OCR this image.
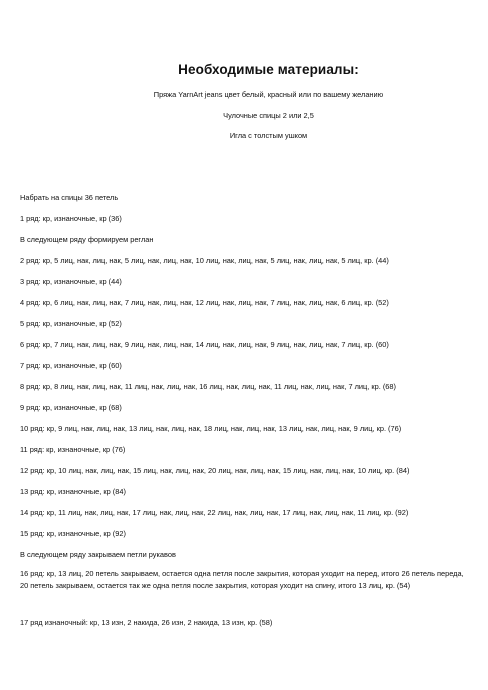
Необходимые материалы:
Пряжа YarnArt jeans цвет белый, красный или по вашему желанию
Чулочные спицы 2 или 2,5
Игла с толстым ушком
Набрать на спицы 36 петель
1 ряд: кр, изнаночные, кр (36)
В следующем ряду формируем реглан
2 ряд: кр, 5 лиц, нак, лиц, нак, 5 лиц, нак, лиц, нак, 10 лиц, нак, лиц, нак, 5 лиц, нак, лиц, нак, 5 лиц, кр. (44)
3 ряд: кр, изнаночные, кр (44)
4 ряд: кр, 6 лиц, нак, лиц, нак, 7 лиц, нак, лиц, нак, 12 лиц, нак, лиц, нак, 7 лиц, нак, лиц, нак, 6 лиц, кр. (52)
5 ряд: кр, изнаночные, кр (52)
6 ряд: кр, 7 лиц, нак, лиц, нак, 9 лиц, нак, лиц, нак, 14 лиц, нак, лиц, нак, 9 лиц, нак, лиц, нак, 7 лиц, кр. (60)
7 ряд: кр, изнаночные, кр (60)
8 ряд: кр, 8 лиц, нак, лиц, нак, 11 лиц, нак, лиц, нак, 16 лиц, нак, лиц, нак, 11 лиц, нак, лиц, нак, 7 лиц, кр. (68)
9 ряд: кр, изнаночные, кр (68)
10 ряд: кр, 9 лиц, нак, лиц, нак, 13 лиц, нак, лиц, нак, 18 лиц, нак, лиц, нак, 13 лиц, нак, лиц, нак, 9 лиц, кр. (76)
11 ряд: кр, изнаночные, кр (76)
12 ряд: кр, 10 лиц, нак, лиц, нак, 15 лиц, нак, лиц, нак, 20 лиц, нак, лиц, нак, 15 лиц, нак, лиц, нак, 10 лиц, кр. (84)
13 ряд: кр, изнаночные, кр (84)
14 ряд: кр, 11 лиц, нак, лиц, нак, 17 лиц, нак, лиц, нак, 22 лиц, нак, лиц, нак, 17 лиц, нак, лиц, нак, 11 лиц, кр. (92)
15 ряд: кр, изнаночные, кр (92)
В следующем ряду закрываем петли рукавов
16 ряд: кр, 13 лиц, 20 петель закрываем, остается одна петля после закрытия, которая уходит на перед, итого 26 петель переда, 20 петель закрываем, остается так же одна петля после закрытия, которая уходит на спину, итого 13 лиц, кр. (54)
17 ряд изнаночный: кр, 13 изн, 2 накида, 26 изн, 2 накида, 13 изн, кр. (58)
